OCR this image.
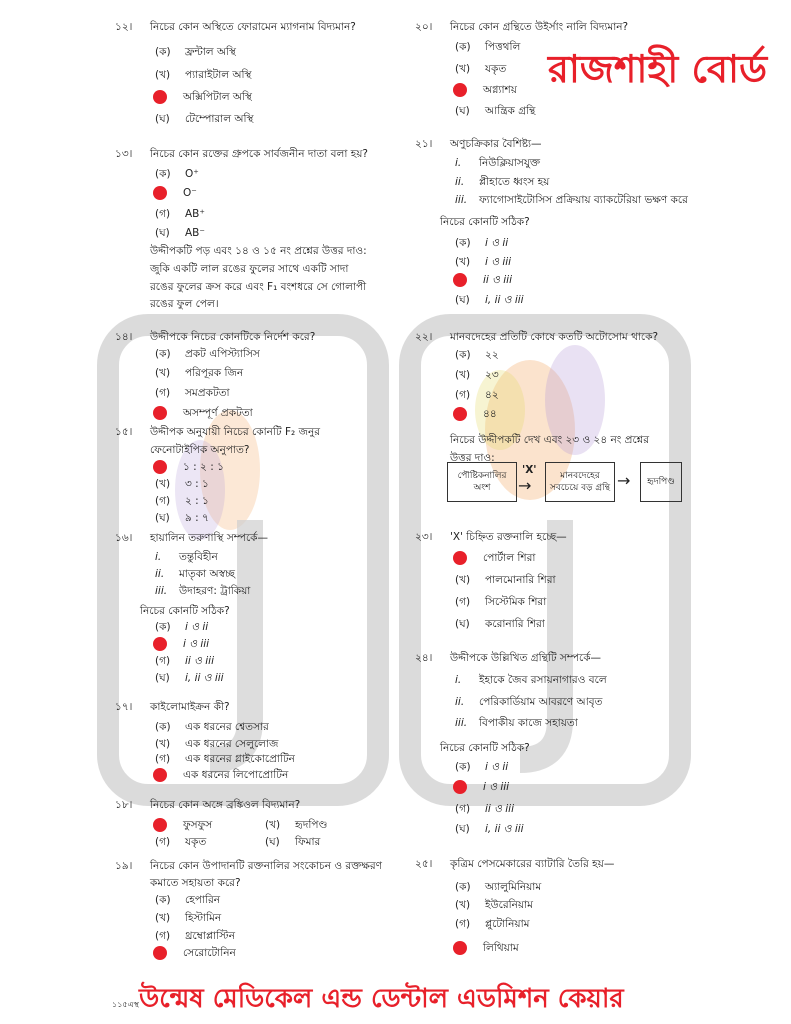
রাজশাহী বোর্ড
১২। নিচের কোন অস্থিতে ফোরামেন ম্যাগনাম বিদ্যমান?
(ক) ফ্রন্টাল অস্থি
(খ) প্যারাইটাল অস্থি
অক্সিপিটাল অস্থি
(ঘ) টেম্পোরাল অস্থি
১৩। নিচের কোন রক্তের গ্রুপকে সার্বজনীন দাতা বলা হয়?
(ক) O⁺
O⁻
(গ) AB⁺
(ঘ) AB⁻
উদ্দীপকটি পড় এবং ১৪ ও ১৫ নং প্রশ্নের উত্তর দাও:
জুকি একটি লাল রঙের ফুলের সাথে একটি সাদা
রঙের ফুলের ক্রস করে এবং F₁ বংশধরে সে গোলাপী
রঙের ফুল পেল।
১৪। উদ্দীপকে নিচের কোনটিকে নির্দেশ করে?
(ক) প্রকট এপিস্ট্যাসিস
(খ) পরিপূরক জিন
(গ) সমপ্রকটতা
অসম্পূর্ণ প্রকটতা
১৫। উদ্দীপক অনুযায়ী নিচের কোনটি F₂ জনুর
ফেনোটাইপিক অনুপাত?
১ : ২ : ১
(খ) ৩ : ১
(গ) ২ : ১
(ঘ) ৯ : ৭
১৬। হায়ালিন তরুণাস্থি সম্পর্কে—
i. তন্তুবিহীন
ii. মাতৃকা অস্বচ্ছ
iii. উদাহরণ: ট্রাকিয়া
নিচের কোনটি সঠিক?
(ক) i ও ii
i ও iii
(গ) ii ও iii
(ঘ) i, ii ও iii
১৭। কাইলোমাইক্রন কী?
(ক) এক ধরনের শ্বেতসার
(খ) এক ধরনের সেলুলোজ
(গ) এক ধরনের গ্লাইকোপ্রোটিন
এক ধরনের লিপোপ্রোটিন
১৮। নিচের কোন অঙ্গে ব্রঙ্কিওল বিদ্যমান?
ফুসফুস	(খ) হৃদপিণ্ড
(গ) যকৃত	(ঘ) ফিমার
১৯। নিচের কোন উপাদানটি রক্তনালির সংকোচন ও রক্তক্ষরণ
কমাতে সহায়তা করে?
(ক) হেপারিন
(খ) হিস্টামিন
(গ) থ্রম্বোপ্লাস্টিন
সেরোটোনিন
২০। নিচের কোন গ্রন্থিতে উইর্সাং নালি বিদ্যমান?
(ক) পিত্তথলি
(খ) যকৃত
অগ্ন্যাশয়
(ঘ) আন্ত্রিক গ্রন্থি
২১। অণুচক্রিকার বৈশিষ্ট্য—
i. নিউক্লিয়াসযুক্ত
ii. প্লীহাতে ধ্বংস হয়
iii. ফ্যাগোসাইটোসিস প্রক্রিয়ায় ব্যাকটেরিয়া ভক্ষণ করে
নিচের কোনটি সঠিক?
(ক) i ও ii
(খ) i ও iii
ii ও iii
(ঘ) i, ii ও iii
২২। মানবদেহের প্রতিটি কোষে কতটি অটোসোম থাকে?
(ক) ২২
(খ) ২৩
(গ) ৪২
৪৪
নিচের উদ্দীপকটি দেখ এবং ২৩ ও ২৪ নং প্রশ্নের
উত্তর দাও:
২৩। 'X' চিহ্নিত রক্তনালি হচ্ছে—
পোর্টাল শিরা
(খ) পালমোনারি শিরা
(গ) সিস্টেমিক শিরা
(ঘ) করোনারি শিরা
২৪। উদ্দীপকে উল্লিখিত গ্রন্থিটি সম্পর্কে—
i. ইহাকে জৈব রসায়নাগারও বলে
ii. পেরিকার্ডিয়াম আবরণে আবৃত
iii. বিপাকীয় কাজে সহায়তা
নিচের কোনটি সঠিক?
(ক) i ও ii
i ও iii
(গ) ii ও iii
(ঘ) i, ii ও iii
২৫। কৃত্রিম পেসমেকারের ব্যাটারি তৈরি হয়—
(ক) অ্যালুমিনিয়াম
(খ) ইউরেনিয়াম
(গ) প্লুটোনিয়াম
লিথিয়াম
পৌষ্টিকনালির
অংশ
'X'
→	মানবদেহের
সবচেয়ে বড় গ্রন্থি → হৃদপিণ্ড
১১৫এস্থউন্মেষ মেডিকেল এন্ড ডেন্টাল এডমিশন কেয়ার
